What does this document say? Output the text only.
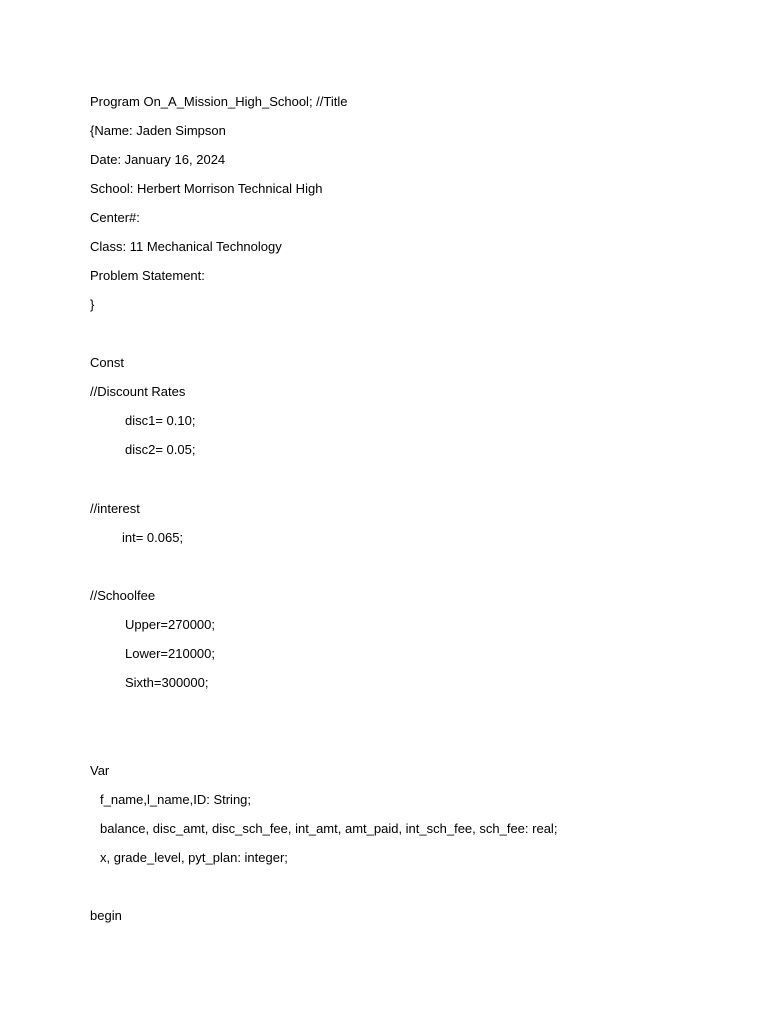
Program On_A_Mission_High_School; //Title
{Name: Jaden Simpson
Date: January 16, 2024
School: Herbert Morrison Technical High
Center#:
Class: 11 Mechanical Technology
Problem Statement:
}
Const
//Discount Rates
disc1= 0.10;
disc2= 0.05;
//interest
int= 0.065;
//Schoolfee
Upper=270000;
Lower=210000;
Sixth=300000;
Var
f_name,l_name,ID: String;
balance, disc_amt, disc_sch_fee, int_amt, amt_paid, int_sch_fee, sch_fee: real;
x, grade_level, pyt_plan: integer;
begin
